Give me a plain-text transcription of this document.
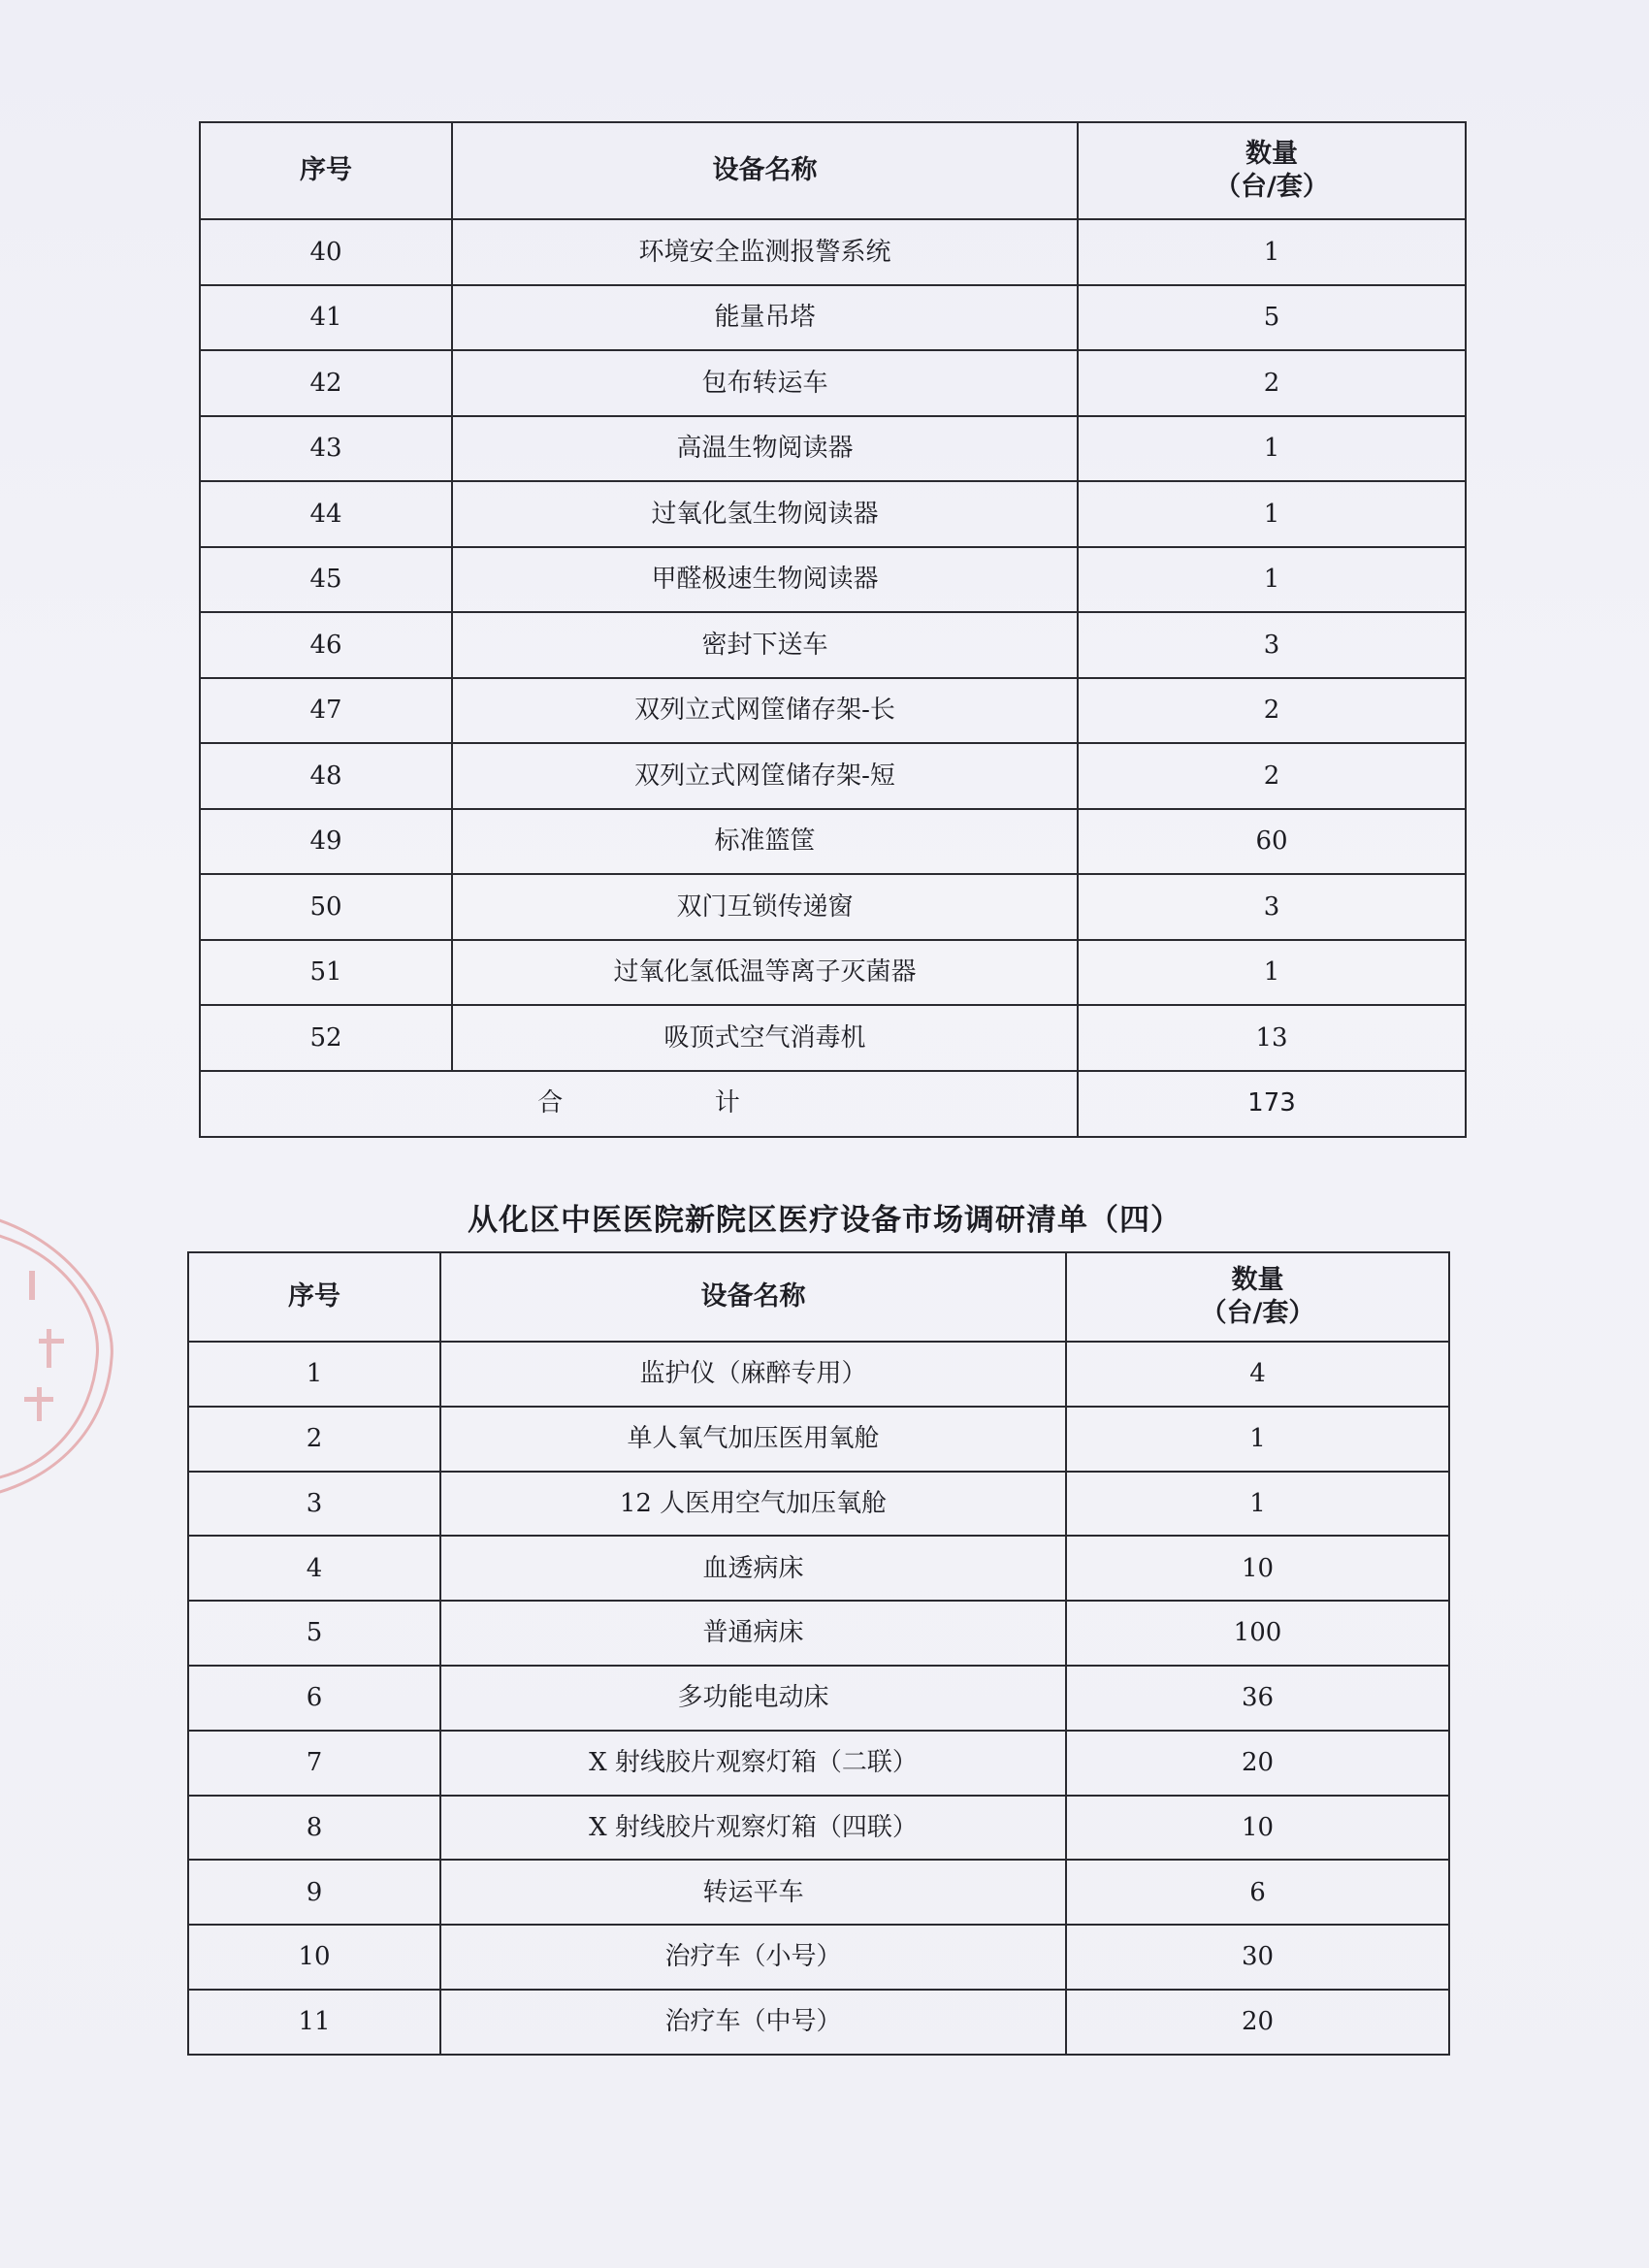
序号	设备名称	数量
（台/套）

40	环境安全监测报警系统	1
41	能量吊塔	5
42	包布转运车	2
43	高温生物阅读器	1
44	过氧化氢生物阅读器	1
45	甲醛极速生物阅读器	1
46	密封下送车	3
47	双列立式网筐储存架-长	2
48	双列立式网筐储存架-短	2
49	标准篮筐	60
50	双门互锁传递窗	3
51	过氧化氢低温等离子灭菌器	1
52	吸顶式空气消毒机	13
合 计		173
从化区中医医院新院区医疗设备市场调研清单（四）
序号	设备名称	数量
（台/套）

1	监护仪（麻醉专用）	4
2	单人氧气加压医用氧舱	1
3	12 人医用空气加压氧舱	1
4	血透病床	10
5	普通病床	100
6	多功能电动床	36
7	X 射线胶片观察灯箱（二联）	20
8	X 射线胶片观察灯箱（四联）	10
9	转运平车	6
10	治疗车（小号）	30
11	治疗车（中号）	20
